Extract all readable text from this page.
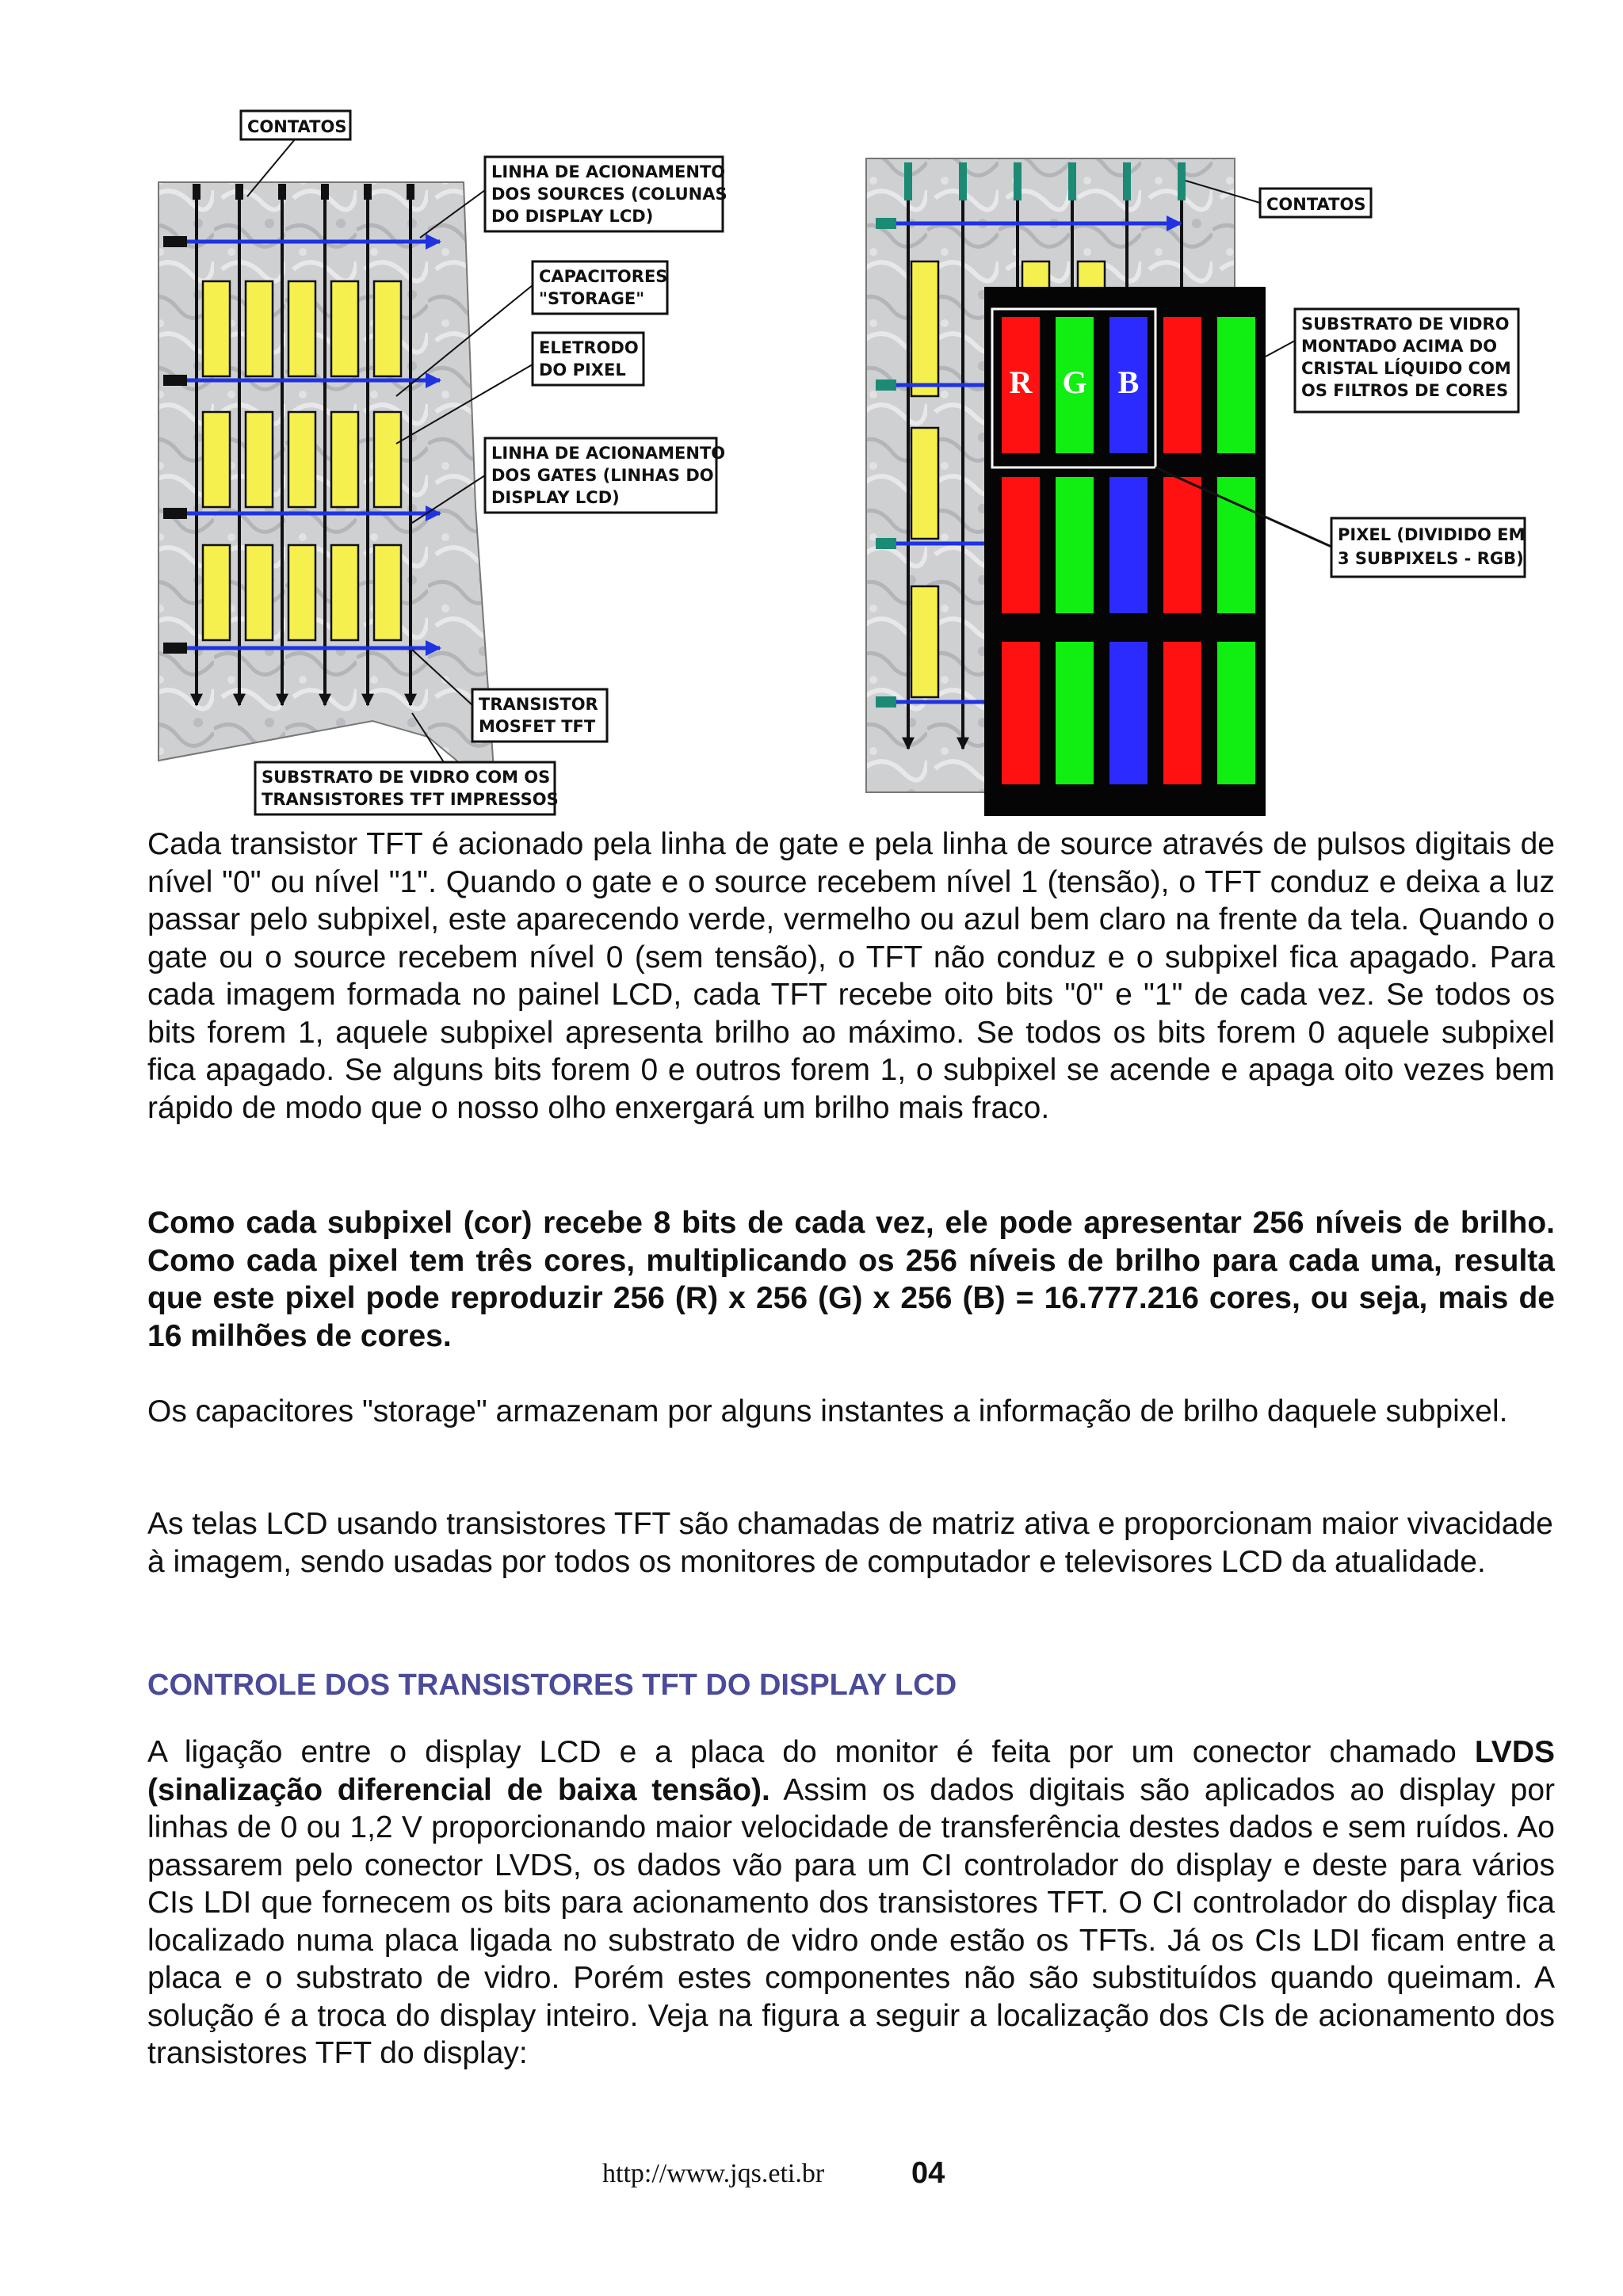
CONTATOS
LINHA DE ACIONAMENTO
DOS SOURCES (COLUNAS
DO DISPLAY LCD)
CAPACITORES
"STORAGE"
ELETRODO
DO PIXEL
LINHA DE ACIONAMENTO
DOS GATES (LINHAS DO
DISPLAY LCD)
TRANSISTOR
MOSFET TFT
SUBSTRATO DE VIDRO COM OS
TRANSISTORES TFT IMPRESSOS
R G B
CONTATOS
SUBSTRATO DE VIDRO
MONTADO ACIMA DO
CRISTAL LÍQUIDO COM
OS FILTROS DE CORES
PIXEL (DIVIDIDO EM
3 SUBPIXELS - RGB)

Cada transistor TFT é acionado pela linha de gate e pela linha de source através de pulsos digitais de nível "0" ou nível "1". Quando o gate e o source recebem nível 1 (tensão), o TFT conduz e deixa a luz passar pelo subpixel, este aparecendo verde, vermelho ou azul bem claro na frente da tela. Quando o gate ou o source recebem nível 0 (sem tensão), o TFT não conduz e o subpixel fica apagado. Para cada imagem formada no painel LCD, cada TFT recebe oito bits "0" e "1" de cada vez. Se todos os bits forem 1, aquele subpixel apresenta brilho ao máximo. Se todos os bits forem 0 aquele subpixel fica apagado. Se alguns bits forem 0 e outros forem 1, o subpixel se acende e apaga oito vezes bem rápido de modo que o nosso olho enxergará um brilho mais fraco.

Como cada subpixel (cor) recebe 8 bits de cada vez, ele pode apresentar 256 níveis de brilho. Como cada pixel tem três cores, multiplicando os 256 níveis de brilho para cada uma, resulta que este pixel pode reproduzir 256 (R) x 256 (G) x 256 (B) = 16.777.216 cores, ou seja, mais de 16 milhões de cores.

Os capacitores "storage" armazenam por alguns instantes a informação de brilho daquele subpixel.

As telas LCD usando transistores TFT são chamadas de matriz ativa e proporcionam maior vivacidade à imagem, sendo usadas por todos os monitores de computador e televisores LCD da atualidade.

CONTROLE DOS TRANSISTORES TFT DO DISPLAY LCD

A ligação entre o display LCD e a placa do monitor é feita por um conector chamado LVDS (sinalização diferencial de baixa tensão). Assim os dados digitais são aplicados ao display por linhas de 0 ou 1,2 V proporcionando maior velocidade de transferência destes dados e sem ruídos. Ao passarem pelo conector LVDS, os dados vão para um CI controlador do display e deste para vários CIs LDI que fornecem os bits para acionamento dos transistores TFT. O CI controlador do display fica localizado numa placa ligada no substrato de vidro onde estão os TFTs. Já os CIs LDI ficam entre a placa e o substrato de vidro. Porém estes componentes não são substituídos quando queimam. A solução é a troca do display inteiro. Veja na figura a seguir a localização dos CIs de acionamento dos transistores TFT do display:

http://www.jqs.eti.br	04
